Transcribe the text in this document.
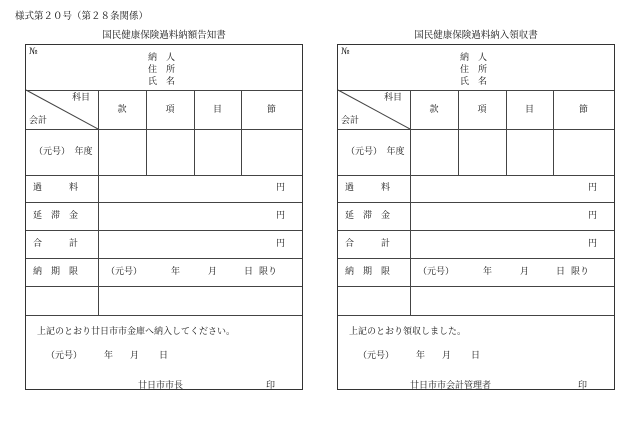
様式第２０号（第２８条関係）
国民健康保険過料納額告知書
№
納　人
住　所
氏　名
科目
会計
款	項	目	節
（元号）　年度
過　　　料	円
延　滞　金	円
合　　　計	円
納　期　限	（元号）	年	月	日 限り
上記のとおり廿日市市金庫へ納入してください。
（元号） 年 月 日
廿日市市長	印
国民健康保険過料納入領収書
№
納　人
住　所
氏　名
科目
会計
款	項	目	節
（元号）　年度
過　　　料	円
延　滞　金	円
合　　　計	円
納　期　限	（元号）	年	月	日 限り
上記のとおり領収しました。
（元号） 年 月 日
廿日市市会計管理者	印
